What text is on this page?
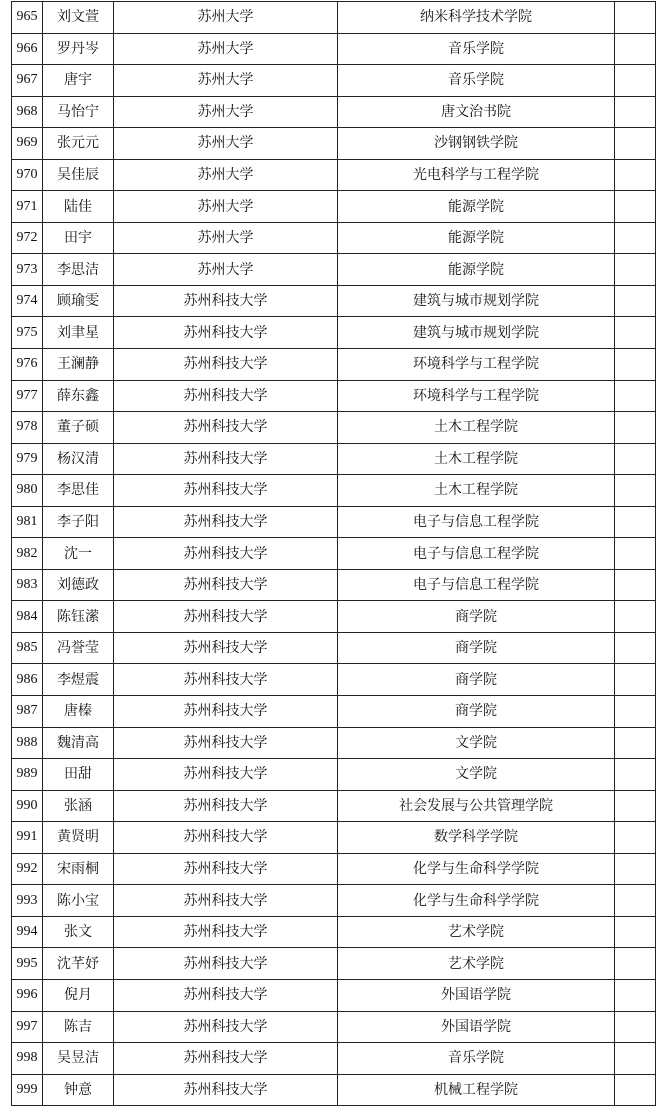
965	刘文萱	苏州大学	纳米科学技术学院	
966	罗丹岑	苏州大学	音乐学院	
967	唐宇	苏州大学	音乐学院	
968	马怡宁	苏州大学	唐文治书院	
969	张元元	苏州大学	沙钢钢铁学院	
970	吴佳辰	苏州大学	光电科学与工程学院	
971	陆佳	苏州大学	能源学院	
972	田宇	苏州大学	能源学院	
973	李思洁	苏州大学	能源学院	
974	顾瑜雯	苏州科技大学	建筑与城市规划学院	
975	刘聿星	苏州科技大学	建筑与城市规划学院	
976	王澜静	苏州科技大学	环境科学与工程学院	
977	薛东鑫	苏州科技大学	环境科学与工程学院	
978	董子硕	苏州科技大学	土木工程学院	
979	杨汉清	苏州科技大学	土木工程学院	
980	李思佳	苏州科技大学	土木工程学院	
981	李子阳	苏州科技大学	电子与信息工程学院	
982	沈一	苏州科技大学	电子与信息工程学院	
983	刘德政	苏州科技大学	电子与信息工程学院	
984	陈钰潆	苏州科技大学	商学院	
985	冯誉莹	苏州科技大学	商学院	
986	李煜震	苏州科技大学	商学院	
987	唐榛	苏州科技大学	商学院	
988	魏清高	苏州科技大学	文学院	
989	田甜	苏州科技大学	文学院	
990	张涵	苏州科技大学	社会发展与公共管理学院	
991	黄贤明	苏州科技大学	数学科学学院	
992	宋雨桐	苏州科技大学	化学与生命科学学院	
993	陈小宝	苏州科技大学	化学与生命科学学院	
994	张文	苏州科技大学	艺术学院	
995	沈芊妤	苏州科技大学	艺术学院	
996	倪月	苏州科技大学	外国语学院	
997	陈吉	苏州科技大学	外国语学院	
998	吴昱洁	苏州科技大学	音乐学院	
999	钟意	苏州科技大学	机械工程学院	
